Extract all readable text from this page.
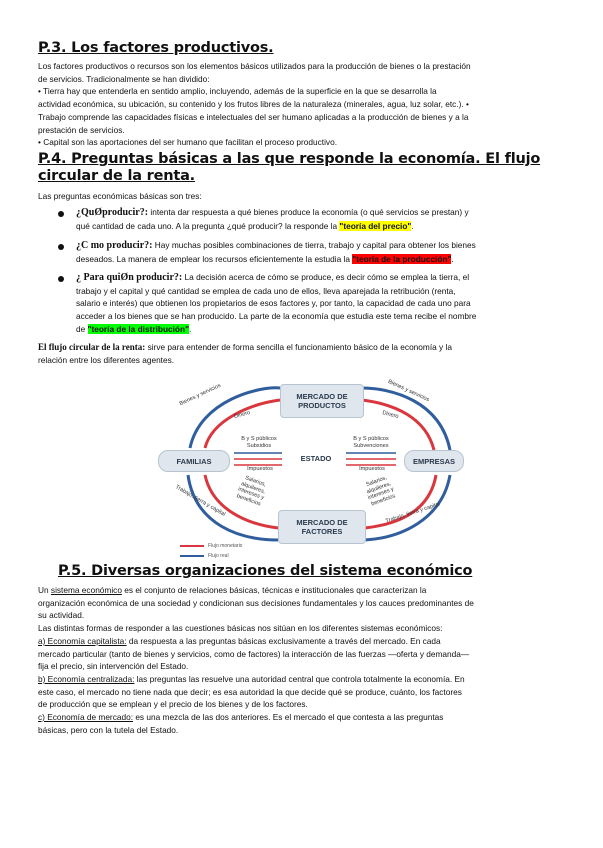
P.3. Los factores productivos.
Los factores productivos o recursos son los elementos básicos utilizados para la producción de bienes o la prestación
de servicios. Tradicionalmente se han dividido:
• Tierra hay que entenderla en sentido amplio, incluyendo, además de la superficie en la que se desarrolla la
actividad económica, su ubicación, su contenido y los frutos libres de la naturaleza (minerales, agua, luz solar, etc.). •
Trabajo comprende las capacidades físicas e intelectuales del ser humano aplicadas a la producción de bienes y a la
prestación de servicios.
• Capital son las aportaciones del ser humano que facilitan el proceso productivo.
P.4. Preguntas básicas a las que responde la economía. El flujo circular de la renta.
Las preguntas económicas básicas son tres:
¿QuØproducir?: intenta dar respuesta a qué bienes produce la economía (o qué servicios se prestan) y
qué cantidad de cada uno. A la pregunta ¿qué producir? la responde la "teoría del precio".
¿C mo producir?: Hay muchas posibles combinaciones de tierra, trabajo y capital para obtener los bienes
deseados. La manera de emplear los recursos eficientemente la estudia la "teoría de la producción".
¿ Para quiØn producir?: La decisión acerca de cómo se produce, es decir cómo se emplea la tierra, el
trabajo y el capital y qué cantidad se emplea de cada uno de ellos, lleva aparejada la retribución (renta,
salario e interés) que obtienen los propietarios de esos factores y, por tanto, la capacidad de cada uno para
acceder a los bienes que se han producido. La parte de la economía que estudia este tema recibe el nombre
de "teoría de la distribución".
El flujo circular de la renta: sirve para entender de forma sencilla el funcionamiento básico de la economía y la
relación entre los diferentes agentes.
MERCADO DE PRODUCTOS
MERCADO DE FACTORES
FAMILIAS	EMPRESAS
ESTADO
Bienes y servicios	Bienes y servicios
Dinero	Dinero
B y S públicos
Subsidios
Impuestos
B y S públicos
Subvenciones
Impuestos
Salarios, alquileres, intereses y beneficios
Salarios, alquileres, intereses y beneficios
Trabajo, tierra y capital	Trabajo, tierra y capital
Flujo monetario
Flujo real
P.5. Diversas organizaciones del sistema económico
Un sistema económico es el conjunto de relaciones básicas, técnicas e institucionales que caracterizan la
organización económica de una sociedad y condicionan sus decisiones fundamentales y los cauces predominantes de
su actividad.
Las distintas formas de responder a las cuestiones básicas nos sitúan en los diferentes sistemas económicos:
a) Economía capitalista: da respuesta a las preguntas básicas exclusivamente a través del mercado. En cada
mercado particular (tanto de bienes y servicios, como de factores) la interacción de las fuerzas —oferta y demanda—
fija el precio, sin intervención del Estado.
b) Economía centralizada: las preguntas las resuelve una autoridad central que controla totalmente la economía. En
este caso, el mercado no tiene nada que decir; es esa autoridad la que decide qué se produce, cuánto, los factores
de producción que se emplean y el precio de los bienes y de los factores.
c) Economía de mercado: es una mezcla de las dos anteriores. Es el mercado el que contesta a las preguntas
básicas, pero con la tutela del Estado.
